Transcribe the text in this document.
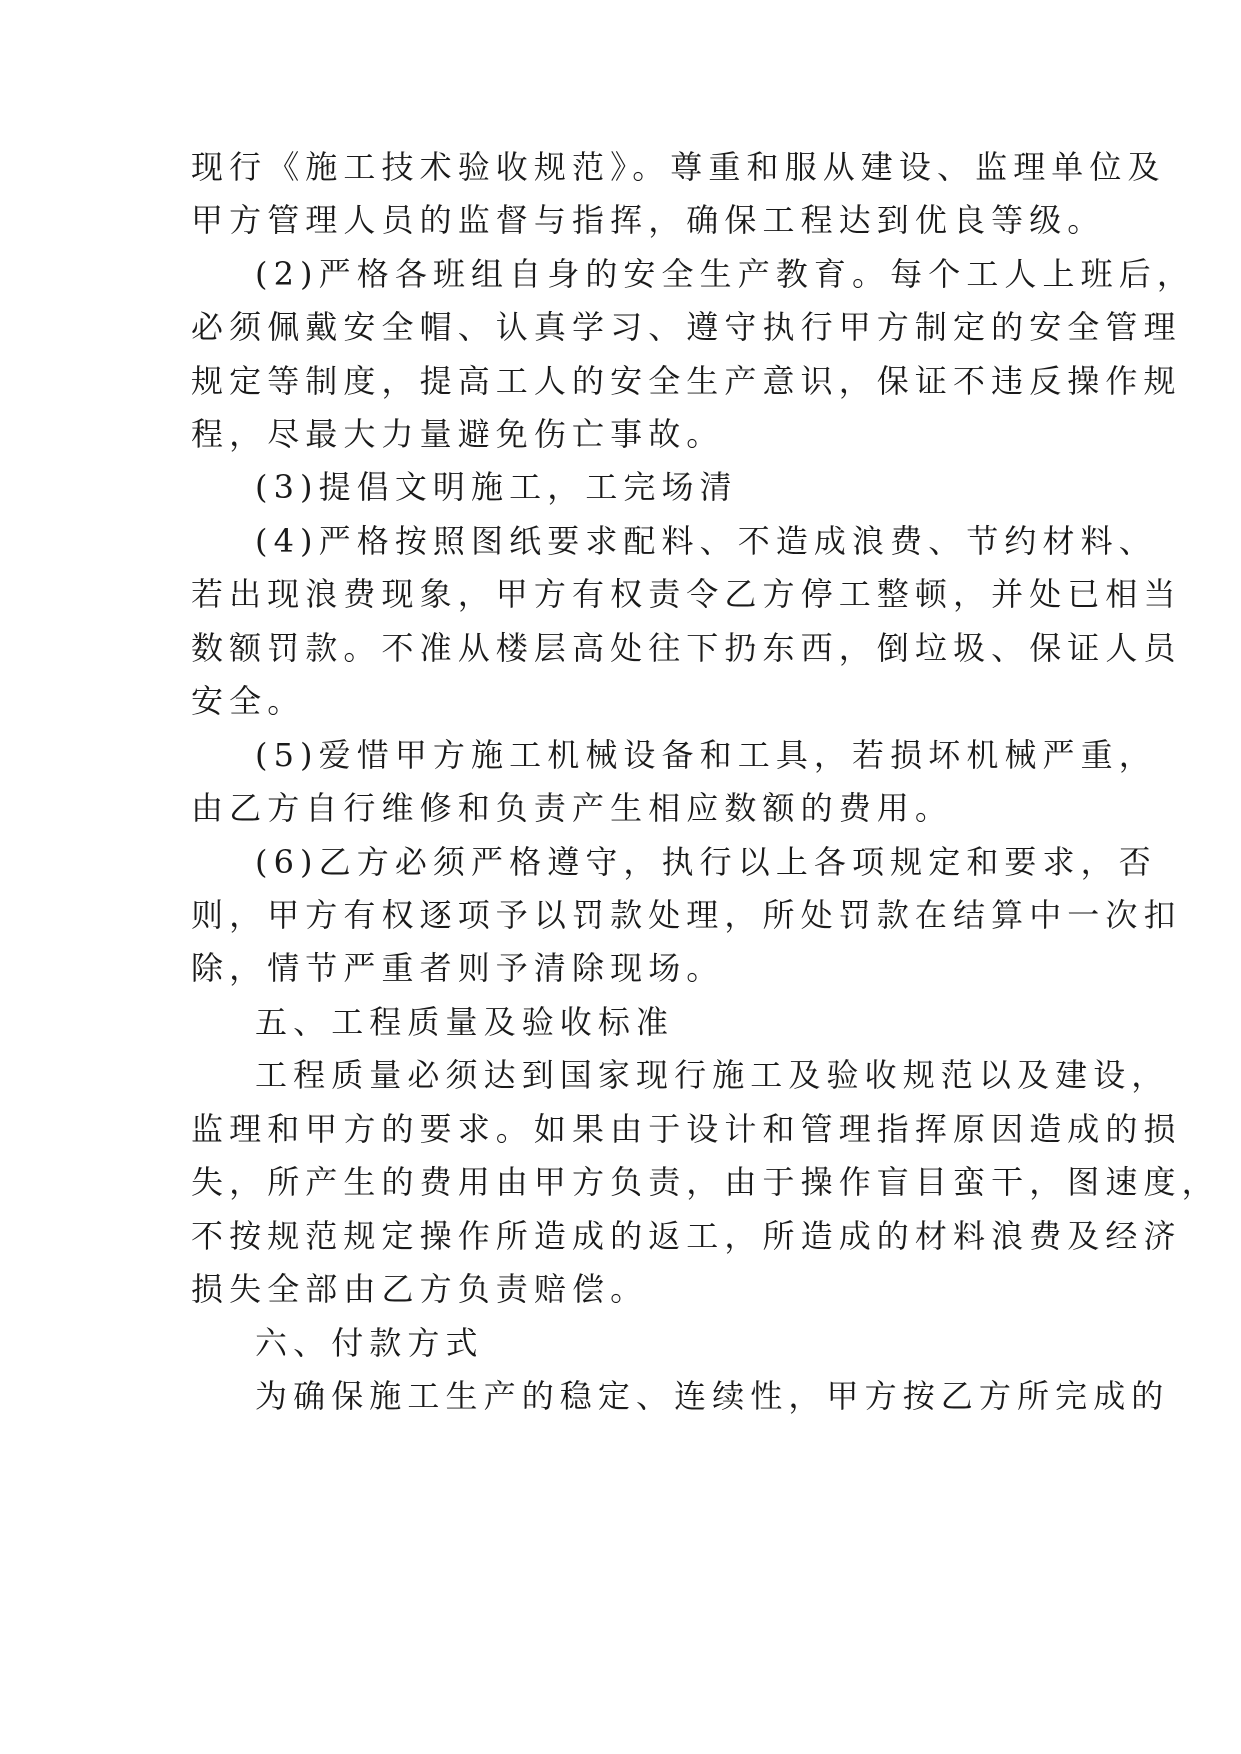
现行《施工技术验收规范》。尊重和服从建设、监理单位及
甲方管理人员的监督与指挥，确保工程达到优良等级。
(2)严格各班组自身的安全生产教育。每个工人上班后，
必须佩戴安全帽、认真学习、遵守执行甲方制定的安全管理
规定等制度，提高工人的安全生产意识，保证不违反操作规
程，尽最大力量避免伤亡事故。
(3)提倡文明施工，工完场清
(4)严格按照图纸要求配料、不造成浪费、节约材料、
若出现浪费现象，甲方有权责令乙方停工整顿，并处已相当
数额罚款。不准从楼层高处往下扔东西，倒垃圾、保证人员
安全。
(5)爱惜甲方施工机械设备和工具，若损坏机械严重，
由乙方自行维修和负责产生相应数额的费用。
(6)乙方必须严格遵守，执行以上各项规定和要求，否
则，甲方有权逐项予以罚款处理，所处罚款在结算中一次扣
除，情节严重者则予清除现场。
五、工程质量及验收标准
工程质量必须达到国家现行施工及验收规范以及建设，
监理和甲方的要求。如果由于设计和管理指挥原因造成的损
失，所产生的费用由甲方负责，由于操作盲目蛮干，图速度，
不按规范规定操作所造成的返工，所造成的材料浪费及经济
损失全部由乙方负责赔偿。
六、付款方式
为确保施工生产的稳定、连续性，甲方按乙方所完成的
